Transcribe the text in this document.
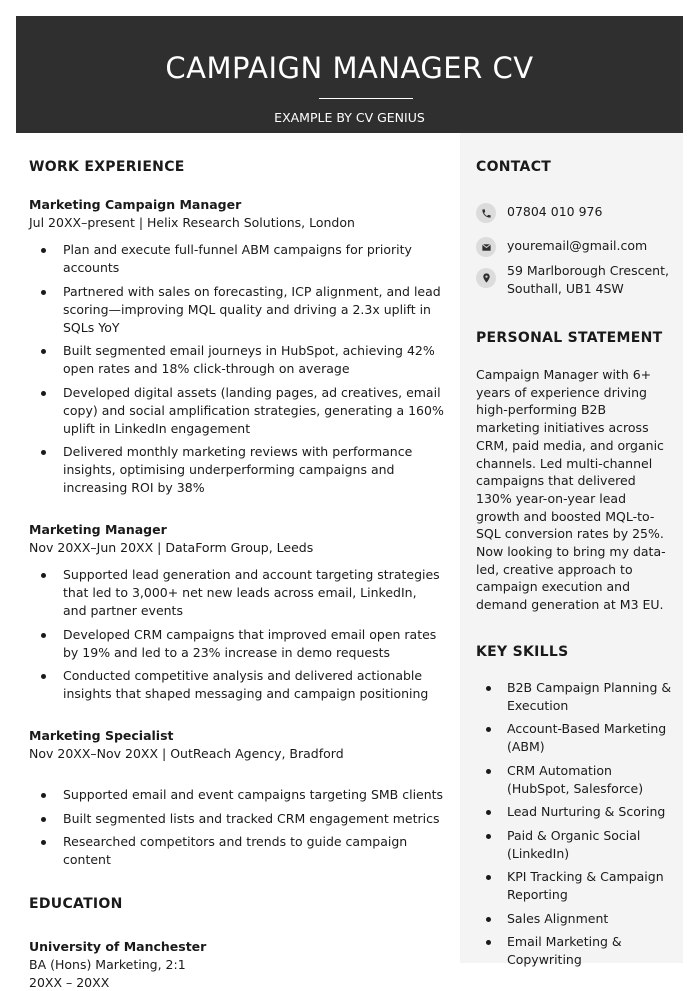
CAMPAIGN MANAGER CV
EXAMPLE BY CV GENIUS
WORK EXPERIENCE
Marketing Campaign Manager
Jul 20XX–present | Helix Research Solutions, London
Plan and execute full-funnel ABM campaigns for priority accounts
Partnered with sales on forecasting, ICP alignment, and lead scoring—improving MQL quality and driving a 2.3x uplift in SQLs YoY
Built segmented email journeys in HubSpot, achieving 42% open rates and 18% click-through on average
Developed digital assets (landing pages, ad creatives, email copy) and social amplification strategies, generating a 160% uplift in LinkedIn engagement
Delivered monthly marketing reviews with performance insights, optimising underperforming campaigns and increasing ROI by 38%
Marketing Manager
Nov 20XX–Jun 20XX | DataForm Group, Leeds
Supported lead generation and account targeting strategies that led to 3,000+ net new leads across email, LinkedIn, and partner events
Developed CRM campaigns that improved email open rates by 19% and led to a 23% increase in demo requests
Conducted competitive analysis and delivered actionable insights that shaped messaging and campaign positioning
Marketing Specialist
Nov 20XX–Nov 20XX | OutReach Agency, Bradford
Supported email and event campaigns targeting SMB clients
Built segmented lists and tracked CRM engagement metrics
Researched competitors and trends to guide campaign content
EDUCATION
University of Manchester
BA (Hons) Marketing, 2:1
20XX – 20XX
CONTACT
07804 010 976
youremail@gmail.com
59 Marlborough Crescent,
Southall, UB1 4SW
PERSONAL STATEMENT
Campaign Manager with 6+ years of experience driving high-performing B2B marketing initiatives across CRM, paid media, and organic channels. Led multi-channel campaigns that delivered 130% year-on-year lead growth and boosted MQL-to-SQL conversion rates by 25%. Now looking to bring my data-led, creative approach to campaign execution and demand generation at M3 EU.
KEY SKILLS
B2B Campaign Planning & Execution
Account-Based Marketing (ABM)
CRM Automation (HubSpot, Salesforce)
Lead Nurturing & Scoring
Paid & Organic Social (LinkedIn)
KPI Tracking & Campaign Reporting
Sales Alignment
Email Marketing & Copywriting
